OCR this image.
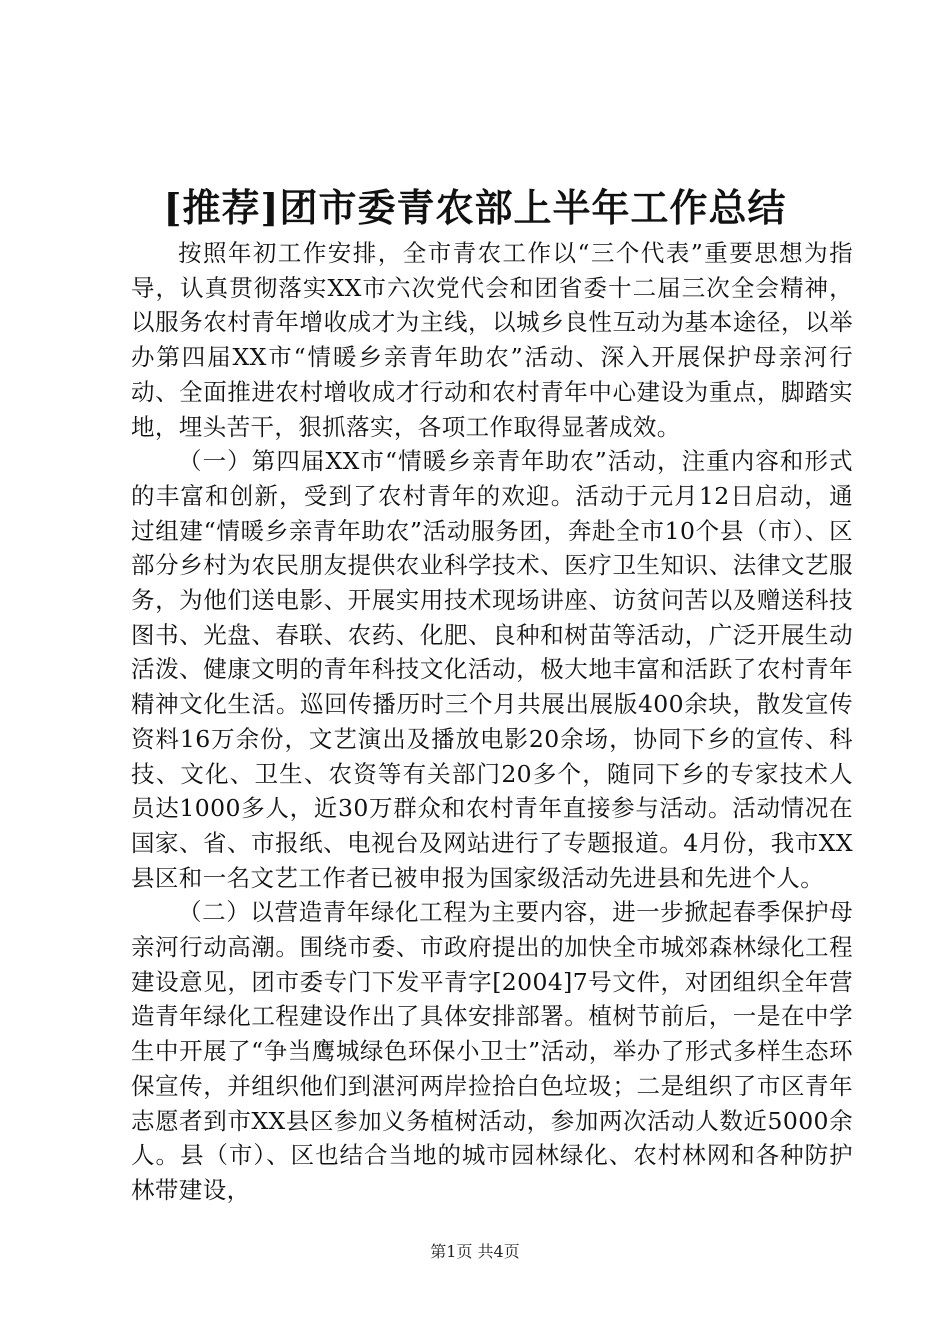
[推荐]团市委青农部上半年工作总结

按照年初工作安排，全市青农工作以“三个代表”重要思想为指导，认真贯彻落实XX市六次党代会和团省委十二届三次全会精神，以服务农村青年增收成才为主线，以城乡良性互动为基本途径，以举办第四届XX市“情暖乡亲青年助农”活动、深入开展保护母亲河行动、全面推进农村增收成才行动和农村青年中心建设为重点，脚踏实地，埋头苦干，狠抓落实，各项工作取得显著成效。

（一）第四届XX市“情暖乡亲青年助农”活动，注重内容和形式的丰富和创新，受到了农村青年的欢迎。活动于元月12日启动，通过组建“情暖乡亲青年助农”活动服务团，奔赴全市10个县（市）、区部分乡村为农民朋友提供农业科学技术、医疗卫生知识、法律文艺服务，为他们送电影、开展实用技术现场讲座、访贫问苦以及赠送科技图书、光盘、春联、农药、化肥、良种和树苗等活动，广泛开展生动活泼、健康文明的青年科技文化活动，极大地丰富和活跃了农村青年精神文化生活。巡回传播历时三个月共展出展版400余块，散发宣传资料16万余份，文艺演出及播放电影20余场，协同下乡的宣传、科技、文化、卫生、农资等有关部门20多个，随同下乡的专家技术人员达1000多人，近30万群众和农村青年直接参与活动。活动情况在国家、省、市报纸、电视台及网站进行了专题报道。4月份，我市XX县区和一名文艺工作者已被申报为国家级活动先进县和先进个人。

（二）以营造青年绿化工程为主要内容，进一步掀起春季保护母亲河行动高潮。围绕市委、市政府提出的加快全市城郊森林绿化工程建设意见，团市委专门下发平青字[2004]7号文件，对团组织全年营造青年绿化工程建设作出了具体安排部署。植树节前后，一是在中学生中开展了“争当鹰城绿色环保小卫士”活动，举办了形式多样生态环保宣传，并组织他们到湛河两岸捡拾白色垃圾；二是组织了市区青年志愿者到市XX县区参加义务植树活动，参加两次活动人数近5000余人。县（市）、区也结合当地的城市园林绿化、农村林网和各种防护林带建设，

第1页 共4页
